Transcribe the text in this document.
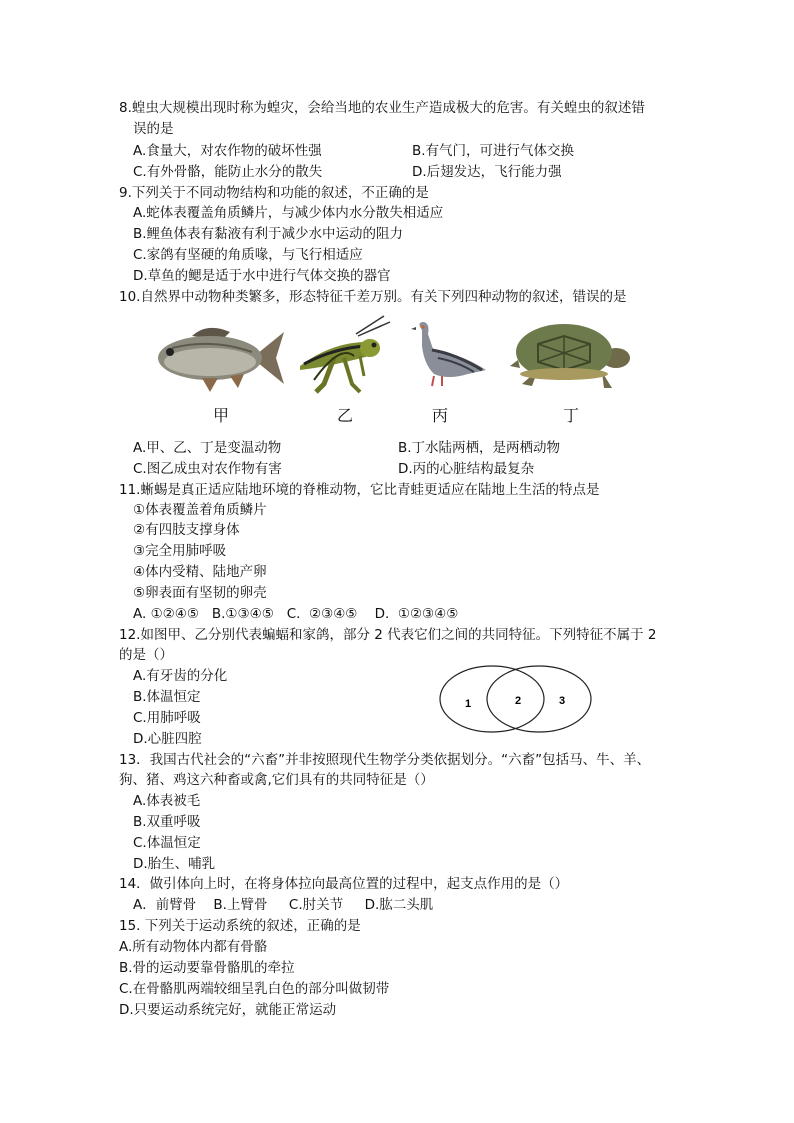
8.蝗虫大规模出现时称为蝗灾，会给当地的农业生产造成极大的危害。有关蝗虫的叙述错
误的是
A.食量大，对农作物的破坏性强	B.有气门，可进行气体交换
C.有外骨骼，能防止水分的散失	D.后翅发达，飞行能力强
9.下列关于不同动物结构和功能的叙述，不正确的是
A.蛇体表覆盖角质鳞片，与减少体内水分散失相适应
B.鲤鱼体表有黏液有利于减少水中运动的阻力
C.家鸽有坚硬的角质喙，与飞行相适应
D.草鱼的鳃是适于水中进行气体交换的器官
10.自然界中动物种类繁多，形态特征千差万别。有关下列四种动物的叙述，错误的是
甲	乙	丙	丁
A.甲、乙、丁是变温动物	B.丁水陆两栖，是两栖动物
C.图乙成虫对农作物有害	D.丙的心脏结构最复杂
11.蜥蜴是真正适应陆地环境的脊椎动物，它比青蛙更适应在陆地上生活的特点是
①体表覆盖着角质鳞片
②有四肢支撑身体
③完全用肺呼吸
④体内受精、陆地产卵
⑤卵表面有坚韧的卵壳
A. ①②④⑤   B.①③④⑤   C.  ②③④⑤    D.  ①②③④⑤
12.如图甲、乙分别代表蝙蝠和家鸽，部分 2 代表它们之间的共同特征。下列特征不属于 2
的是（）
A.有牙齿的分化
B.体温恒定
C.用肺呼吸
D.心脏四腔
1	2	3
13．我国古代社会的“六畜”并非按照现代生物学分类依据划分。“六畜”包括马、牛、羊、
狗、猪、鸡这六种畜或禽,它们具有的共同特征是（）
A.体表被毛
B.双重呼吸
C.体温恒定
D.胎生、哺乳
14．做引体向上时，在将身体拉向最高位置的过程中，起支点作用的是（）
A．前臂骨    B.上臂骨     C.肘关节     D.肱二头肌
15. 下列关于运动系统的叙述，正确的是
A.所有动物体内都有骨骼
B.骨的运动要靠骨骼肌的牵拉
C.在骨骼肌两端较细呈乳白色的部分叫做韧带
D.只要运动系统完好，就能正常运动
